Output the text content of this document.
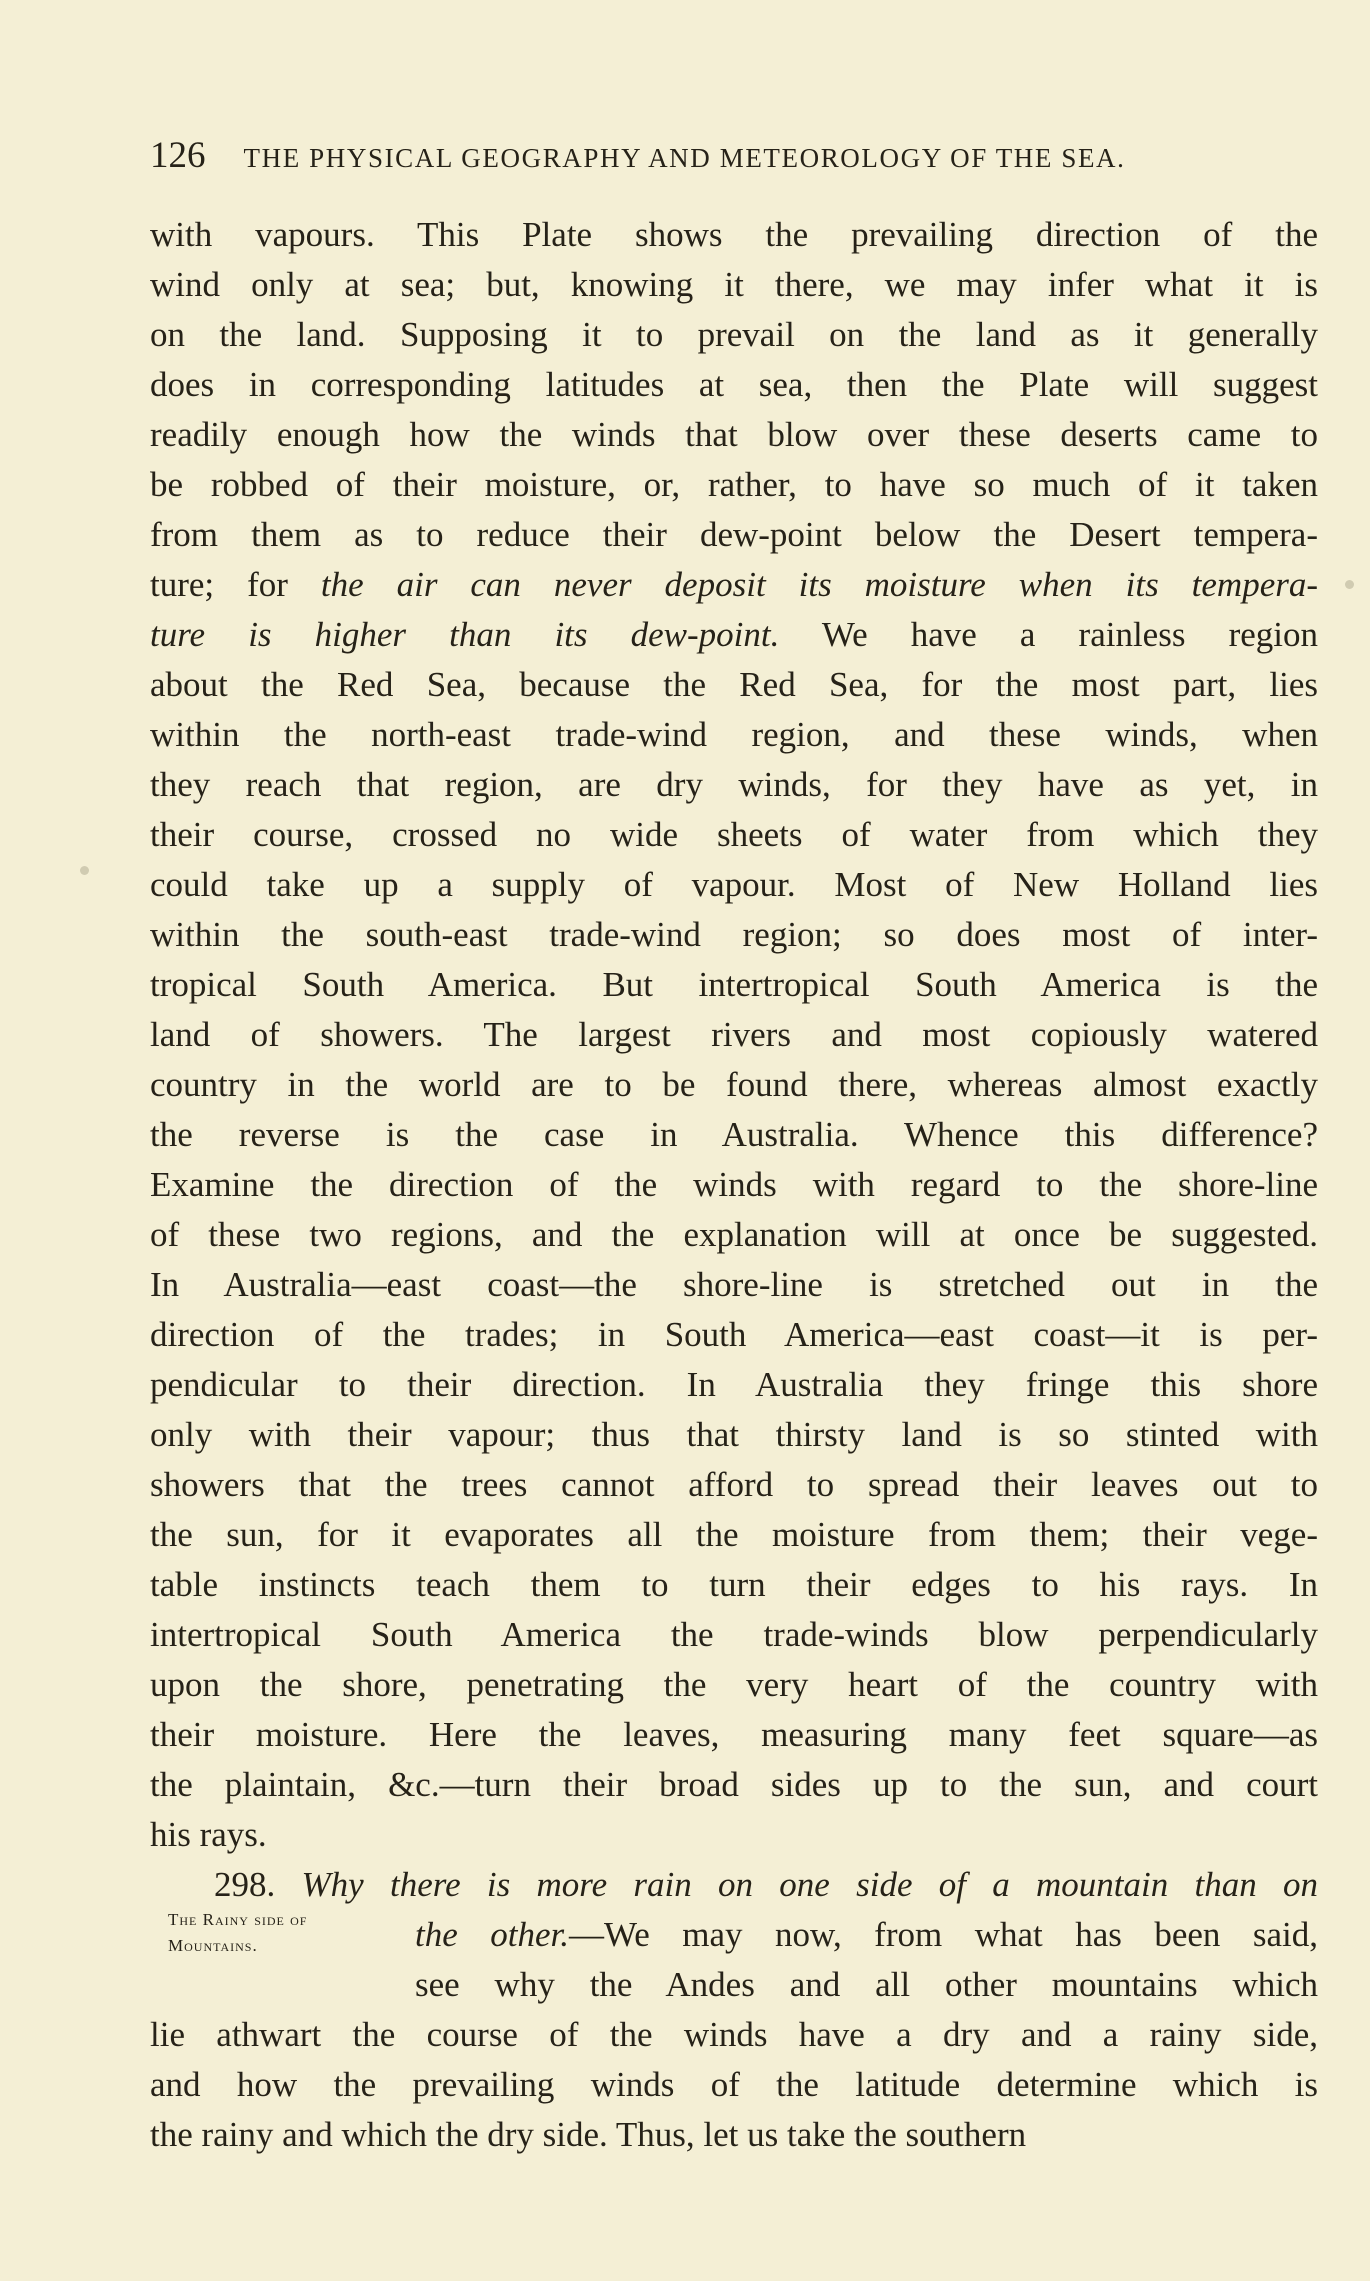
126 THE PHYSICAL GEOGRAPHY AND METEOROLOGY OF THE SEA.
with vapours. This Plate shows the prevailing direction of the
wind only at sea; but, knowing it there, we may infer what it is
on the land. Supposing it to prevail on the land as it generally
does in corresponding latitudes at sea, then the Plate will suggest
readily enough how the winds that blow over these deserts came to
be robbed of their moisture, or, rather, to have so much of it taken
from them as to reduce their dew-point below the Desert tempera-
ture; for the air can never deposit its moisture when its tempera-
ture is higher than its dew-point. We have a rainless region
about the Red Sea, because the Red Sea, for the most part, lies
within the north-east trade-wind region, and these winds, when
they reach that region, are dry winds, for they have as yet, in
their course, crossed no wide sheets of water from which they
could take up a supply of vapour. Most of New Holland lies
within the south-east trade-wind region; so does most of inter-
tropical South America. But intertropical South America is the
land of showers. The largest rivers and most copiously watered
country in the world are to be found there, whereas almost exactly
the reverse is the case in Australia. Whence this difference?
Examine the direction of the winds with regard to the shore-line
of these two regions, and the explanation will at once be suggested.
In Australia—east coast—the shore-line is stretched out in the
direction of the trades; in South America—east coast—it is per-
pendicular to their direction. In Australia they fringe this shore
only with their vapour; thus that thirsty land is so stinted with
showers that the trees cannot afford to spread their leaves out to
the sun, for it evaporates all the moisture from them; their vege-
table instincts teach them to turn their edges to his rays. In
intertropical South America the trade-winds blow perpendicularly
upon the shore, penetrating the very heart of the country with
their moisture. Here the leaves, measuring many feet square—as
the plaintain, &c.—turn their broad sides up to the sun, and court
his rays.
298. Why there is more rain on one side of a mountain than on
the other.—We may now, from what has been said,
see why the Andes and all other mountains which
lie athwart the course of the winds have a dry and a rainy side,
and how the prevailing winds of the latitude determine which is
the rainy and which the dry side. Thus, let us take the southern
The Rainy side of
Mountains.
